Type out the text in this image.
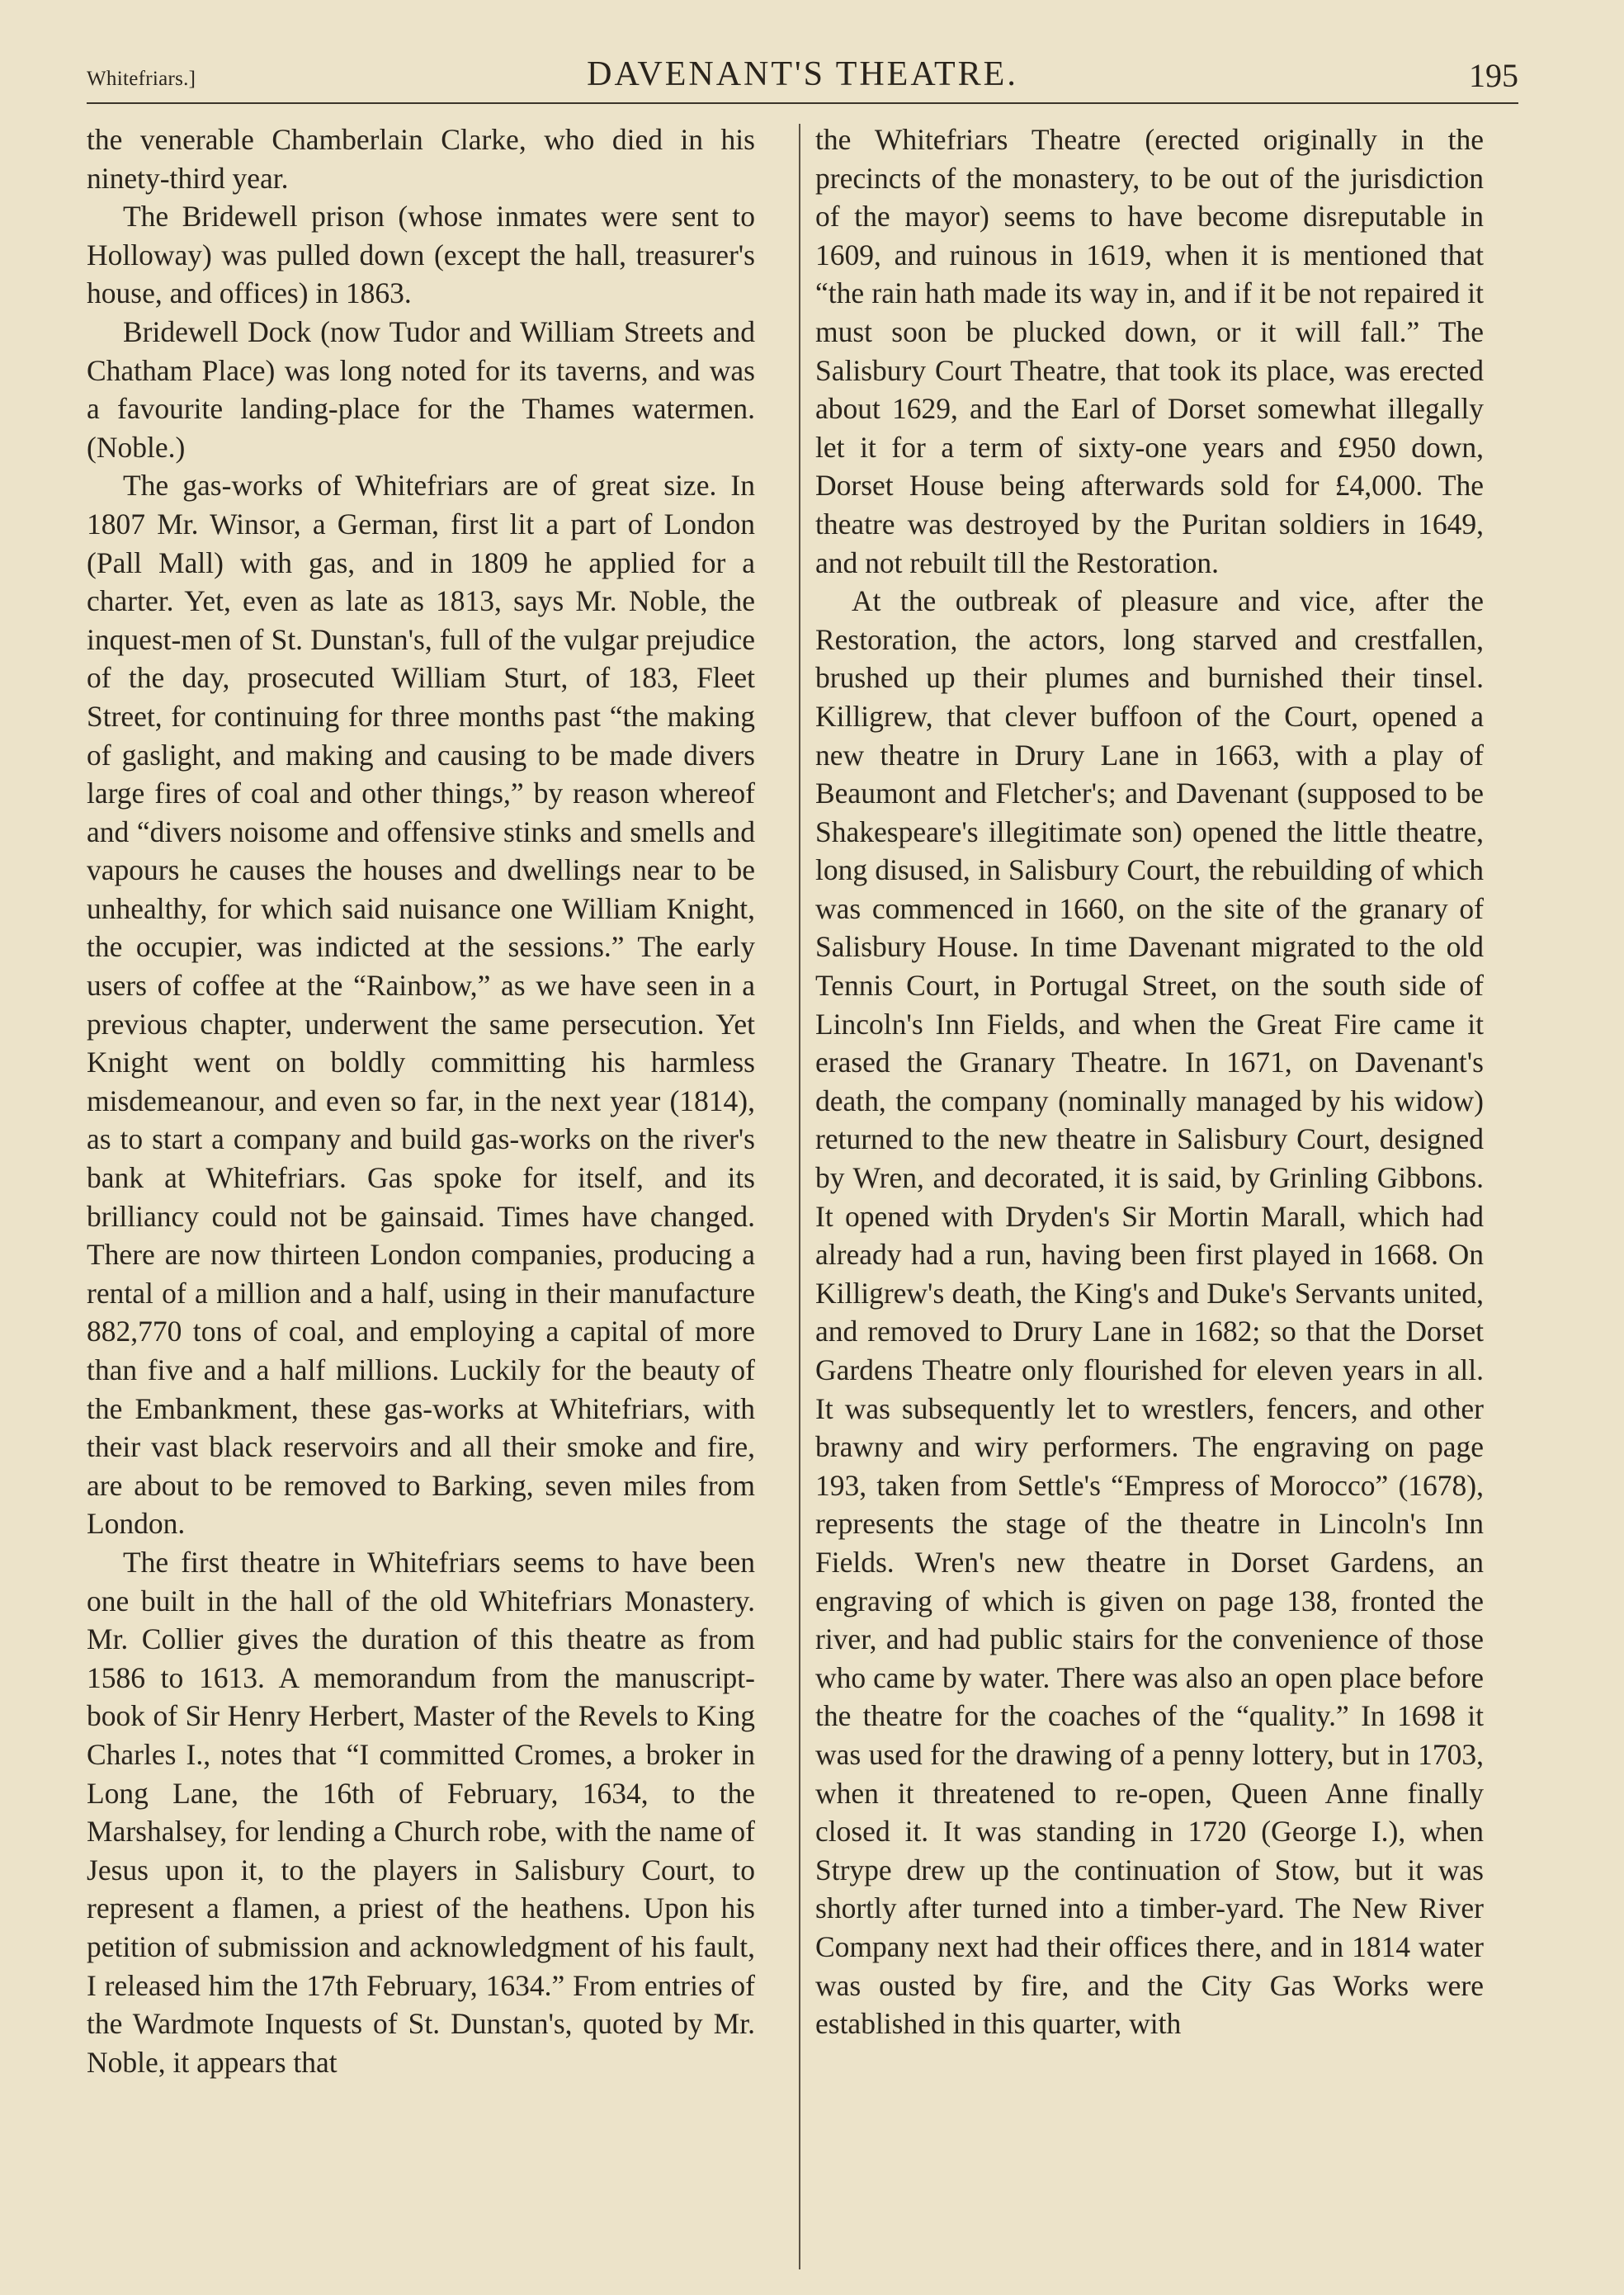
Whitefriars.]	DAVENANT'S THEATRE.	195

the venerable Chamberlain Clarke, who died in his ninety-third year.

The Bridewell prison (whose inmates were sent to Holloway) was pulled down (except the hall, treasurer's house, and offices) in 1863.

Bridewell Dock (now Tudor and William Streets and Chatham Place) was long noted for its taverns, and was a favourite landing-place for the Thames watermen. (Noble.)

The gas-works of Whitefriars are of great size. In 1807 Mr. Winsor, a German, first lit a part of London (Pall Mall) with gas, and in 1809 he applied for a charter. Yet, even as late as 1813, says Mr. Noble, the inquest-men of St. Dunstan's, full of the vulgar prejudice of the day, prosecuted William Sturt, of 183, Fleet Street, for continuing for three months past “the making of gaslight, and making and causing to be made divers large fires of coal and other things,” by reason whereof and “divers noisome and offensive stinks and smells and vapours he causes the houses and dwellings near to be unhealthy, for which said nuisance one William Knight, the occupier, was indicted at the sessions.” The early users of coffee at the “Rainbow,” as we have seen in a previous chapter, underwent the same persecution. Yet Knight went on boldly committing his harmless misdemeanour, and even so far, in the next year (1814), as to start a company and build gas-works on the river's bank at Whitefriars. Gas spoke for itself, and its brilliancy could not be gainsaid. Times have changed. There are now thirteen London companies, producing a rental of a million and a half, using in their manufacture 882,770 tons of coal, and employing a capital of more than five and a half millions. Luckily for the beauty of the Embankment, these gas-works at Whitefriars, with their vast black reservoirs and all their smoke and fire, are about to be removed to Barking, seven miles from London.

The first theatre in Whitefriars seems to have been one built in the hall of the old Whitefriars Monastery. Mr. Collier gives the duration of this theatre as from 1586 to 1613. A memorandum from the manuscript-book of Sir Henry Herbert, Master of the Revels to King Charles I., notes that “I committed Cromes, a broker in Long Lane, the 16th of February, 1634, to the Marshalsey, for lending a Church robe, with the name of Jesus upon it, to the players in Salisbury Court, to represent a flamen, a priest of the heathens. Upon his petition of submission and acknowledgment of his fault, I released him the 17th February, 1634.” From entries of the Wardmote Inquests of St. Dunstan's, quoted by Mr. Noble, it appears that

the Whitefriars Theatre (erected originally in the precincts of the monastery, to be out of the jurisdiction of the mayor) seems to have become disreputable in 1609, and ruinous in 1619, when it is mentioned that “the rain hath made its way in, and if it be not repaired it must soon be plucked down, or it will fall.” The Salisbury Court Theatre, that took its place, was erected about 1629, and the Earl of Dorset somewhat illegally let it for a term of sixty-one years and £950 down, Dorset House being afterwards sold for £4,000. The theatre was destroyed by the Puritan soldiers in 1649, and not rebuilt till the Restoration.

At the outbreak of pleasure and vice, after the Restoration, the actors, long starved and crestfallen, brushed up their plumes and burnished their tinsel. Killigrew, that clever buffoon of the Court, opened a new theatre in Drury Lane in 1663, with a play of Beaumont and Fletcher's; and Davenant (supposed to be Shakespeare's illegitimate son) opened the little theatre, long disused, in Salisbury Court, the rebuilding of which was commenced in 1660, on the site of the granary of Salisbury House. In time Davenant migrated to the old Tennis Court, in Portugal Street, on the south side of Lincoln's Inn Fields, and when the Great Fire came it erased the Granary Theatre. In 1671, on Davenant's death, the company (nominally managed by his widow) returned to the new theatre in Salisbury Court, designed by Wren, and decorated, it is said, by Grinling Gibbons. It opened with Dryden's Sir Mortin Marall, which had already had a run, having been first played in 1668. On Killigrew's death, the King's and Duke's Servants united, and removed to Drury Lane in 1682; so that the Dorset Gardens Theatre only flourished for eleven years in all. It was subsequently let to wrestlers, fencers, and other brawny and wiry performers. The engraving on page 193, taken from Settle's “Empress of Morocco” (1678), represents the stage of the theatre in Lincoln's Inn Fields. Wren's new theatre in Dorset Gardens, an engraving of which is given on page 138, fronted the river, and had public stairs for the convenience of those who came by water. There was also an open place before the theatre for the coaches of the “quality.” In 1698 it was used for the drawing of a penny lottery, but in 1703, when it threatened to re-open, Queen Anne finally closed it. It was standing in 1720 (George I.), when Strype drew up the continuation of Stow, but it was shortly after turned into a timber-yard. The New River Company next had their offices there, and in 1814 water was ousted by fire, and the City Gas Works were established in this quarter, with
